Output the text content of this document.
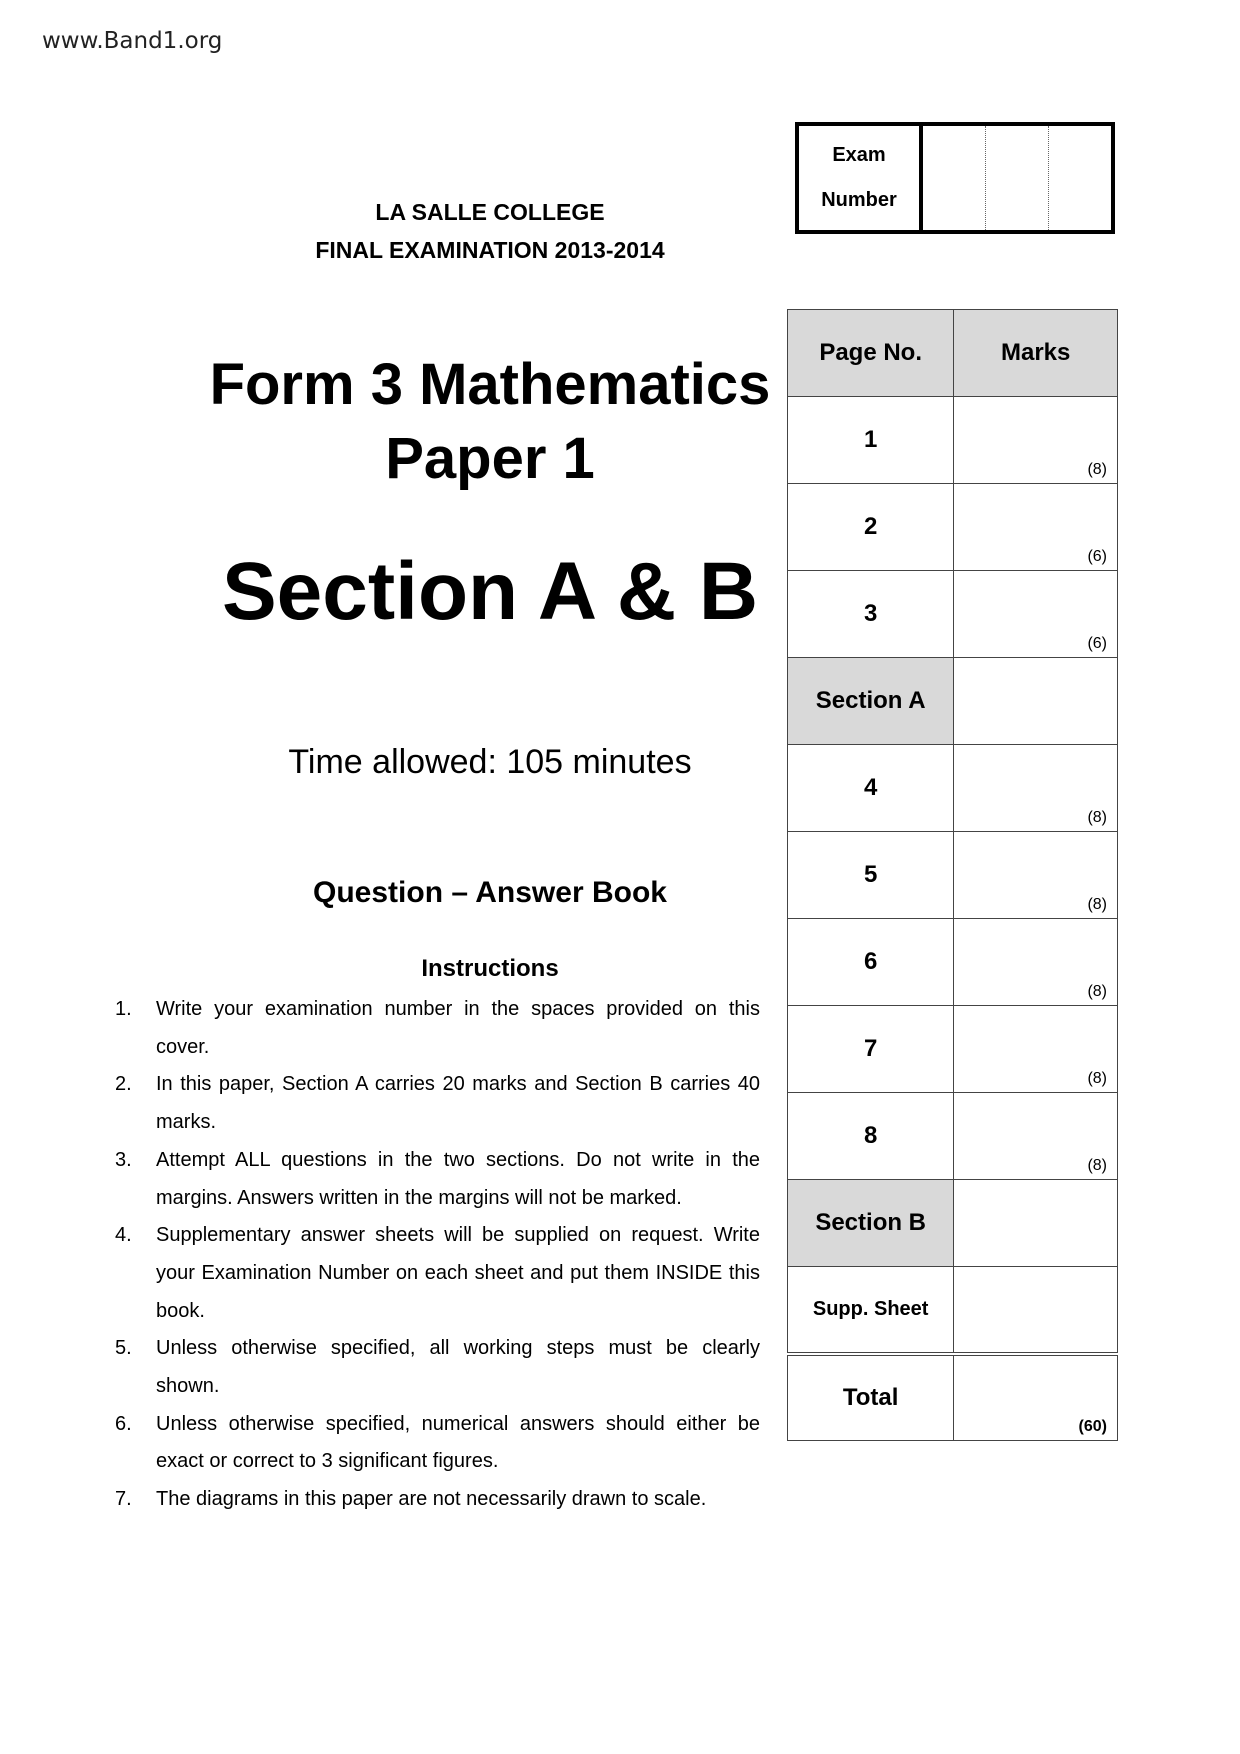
www.Band1.org
LA SALLE COLLEGE
FINAL EXAMINATION 2013-2014
Form 3 Mathematics
Paper 1
Section A & B
Time allowed: 105 minutes
Question – Answer Book
Instructions
1.	Write your examination number in the spaces provided on this cover.
2.	In this paper, Section A carries 20 marks and Section B carries 40 marks.
3.	Attempt ALL questions in the two sections. Do not write in the margins. Answers written in the margins will not be marked.
4.	Supplementary answer sheets will be supplied on request. Write your Examination Number on each sheet and put them INSIDE this book.
5.	Unless otherwise specified, all working steps must be clearly shown.
6.	Unless otherwise specified, numerical answers should either be exact or correct to 3 significant figures.
7.	The diagrams in this paper are not necessarily drawn to scale.
Exam
Number
Page No.	Marks
1	(8)

2	(6)

3	(6)

Section A	

4	(8)

5	(8)

6	(8)

7	(8)

8	(8)

Section B	

Supp. Sheet	

Total	(60)
